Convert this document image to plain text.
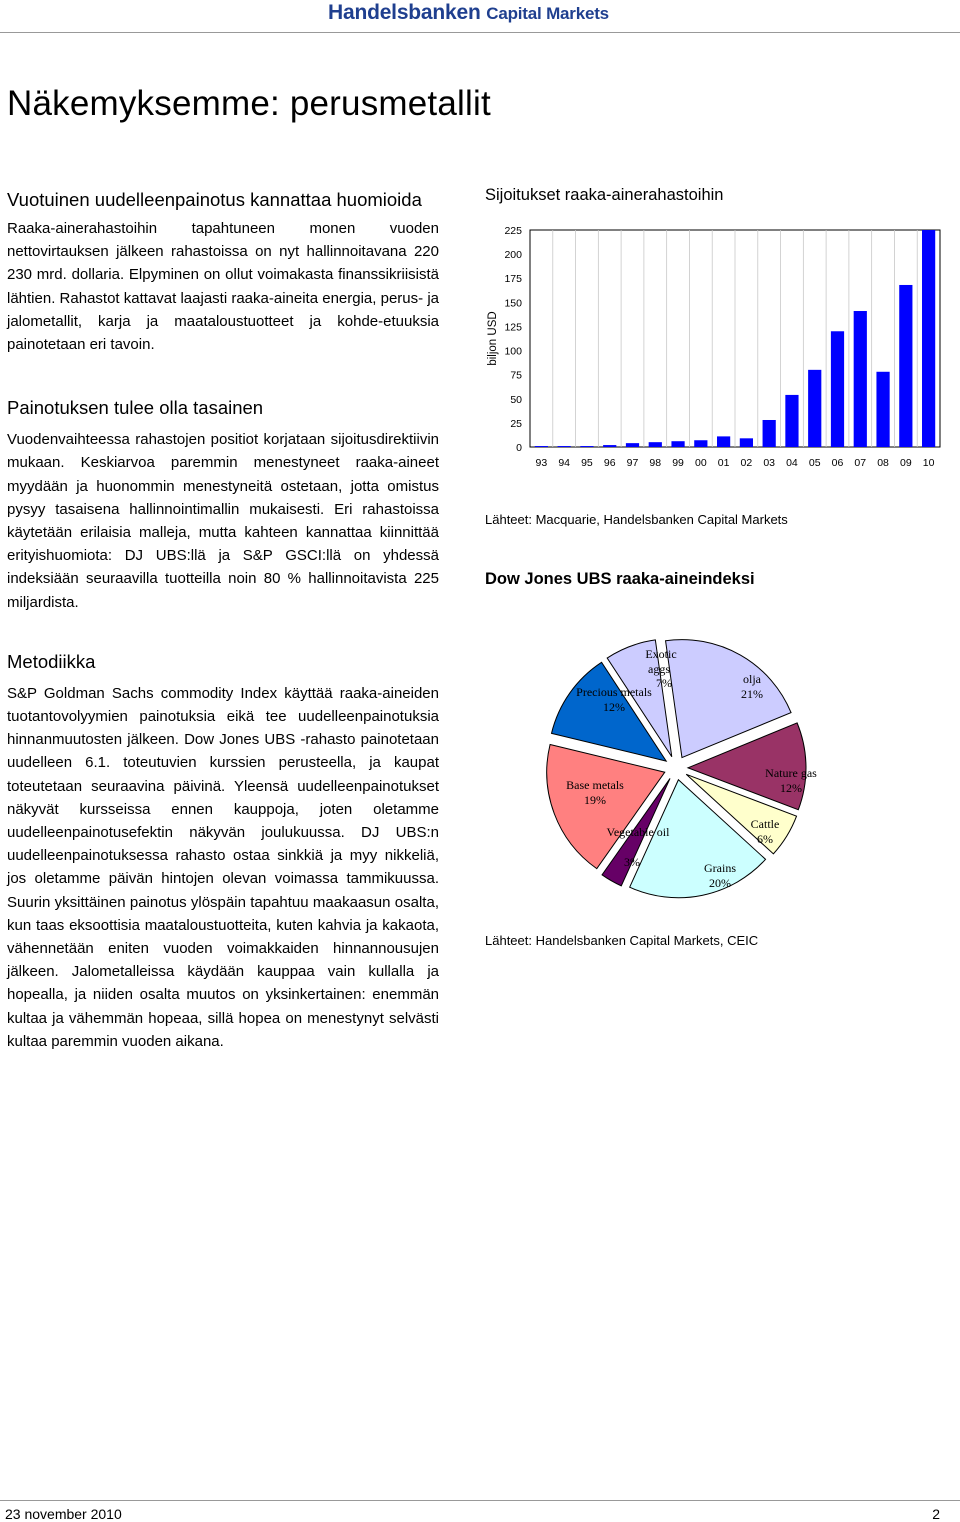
Handelsbanken Capital Markets
Näkemyksemme: perusmetallit
Vuotuinen uudelleenpainotus kannattaa huomioida

Raaka-ainerahastoihin tapahtuneen monen vuoden nettovirtauksen jälkeen rahastoissa on nyt hallinnoitavana 220 230 mrd. dollaria. Elpyminen on ollut voimakasta finanssikriisistä lähtien. Rahastot kattavat laajasti raaka-aineita energia, perus- ja jalometallit, karja ja maataloustuotteet ja kohde-etuuksia painotetaan eri tavoin.

Painotuksen tulee olla tasainen

Vuodenvaihteessa rahastojen positiot korjataan sijoitusdirektiivin mukaan. Keskiarvoa paremmin menestyneet raaka-aineet myydään ja huonommin menestyneitä ostetaan, jotta omistus pysyy tasaisena hallinnointimallin mukaisesti. Eri rahastoissa käytetään erilaisia malleja, mutta kahteen kannattaa kiinnittää erityishuomiota: DJ UBS:llä ja S&P GSCI:llä on yhdessä indeksiään seuraavilla tuotteilla noin 80 % hallinnoitavista 225 miljardista.

Metodiikka

S&P Goldman Sachs commodity Index käyttää raaka-aineiden tuotantovolyymien painotuksia eikä tee uudelleenpainotuksia hinnanmuutosten jälkeen. Dow Jones UBS -rahasto painotetaan uudelleen 6.1. toteutuvien kurssien perusteella, ja kaupat toteutetaan seuraavina päivinä. Yleensä uudelleenpainotukset näkyvät kursseissa ennen kauppoja, joten oletamme uudelleenpainotusefektin näkyvän joulukuussa. DJ UBS:n uudelleenpainotuksessa rahasto ostaa sinkkiä ja myy nikkeliä, jos oletamme päivän hintojen olevan voimassa tammikuussa. Suurin yksittäinen painotus ylöspäin tapahtuu maakaasun osalta, kun taas eksoottisia maataloustuotteita, kuten kahvia ja kakaota, vähennetään eniten vuoden voimakkaiden hinnannousujen jälkeen. Jalometalleissa käydään kauppaa vain kullalla ja hopealla, ja niiden osalta muutos on yksinkertainen: enemmän kultaa ja vähemmän hopeaa, sillä hopea on menestynyt selvästi kultaa paremmin vuoden aikana.

Sijoitukset raaka-ainerahastoihin
0
25
50
75
100
125
150
175
200
225
93 94 95 96 97 98 99 00 01 02 03 04 05 06 07 08 09 10
biljon USD
Lähteet: Macquarie, Handelsbanken Capital Markets
Dow Jones UBS raaka-aineindeksi
olja
21%
Nature gas
12%
Cattle
6%
Grains
20%
3%
Vegetable oil
Base metals
19%
Precious metals
12%
Exotic
aggs
7%
Lähteet: Handelsbanken Capital Markets, CEIC
23 november 2010	2
